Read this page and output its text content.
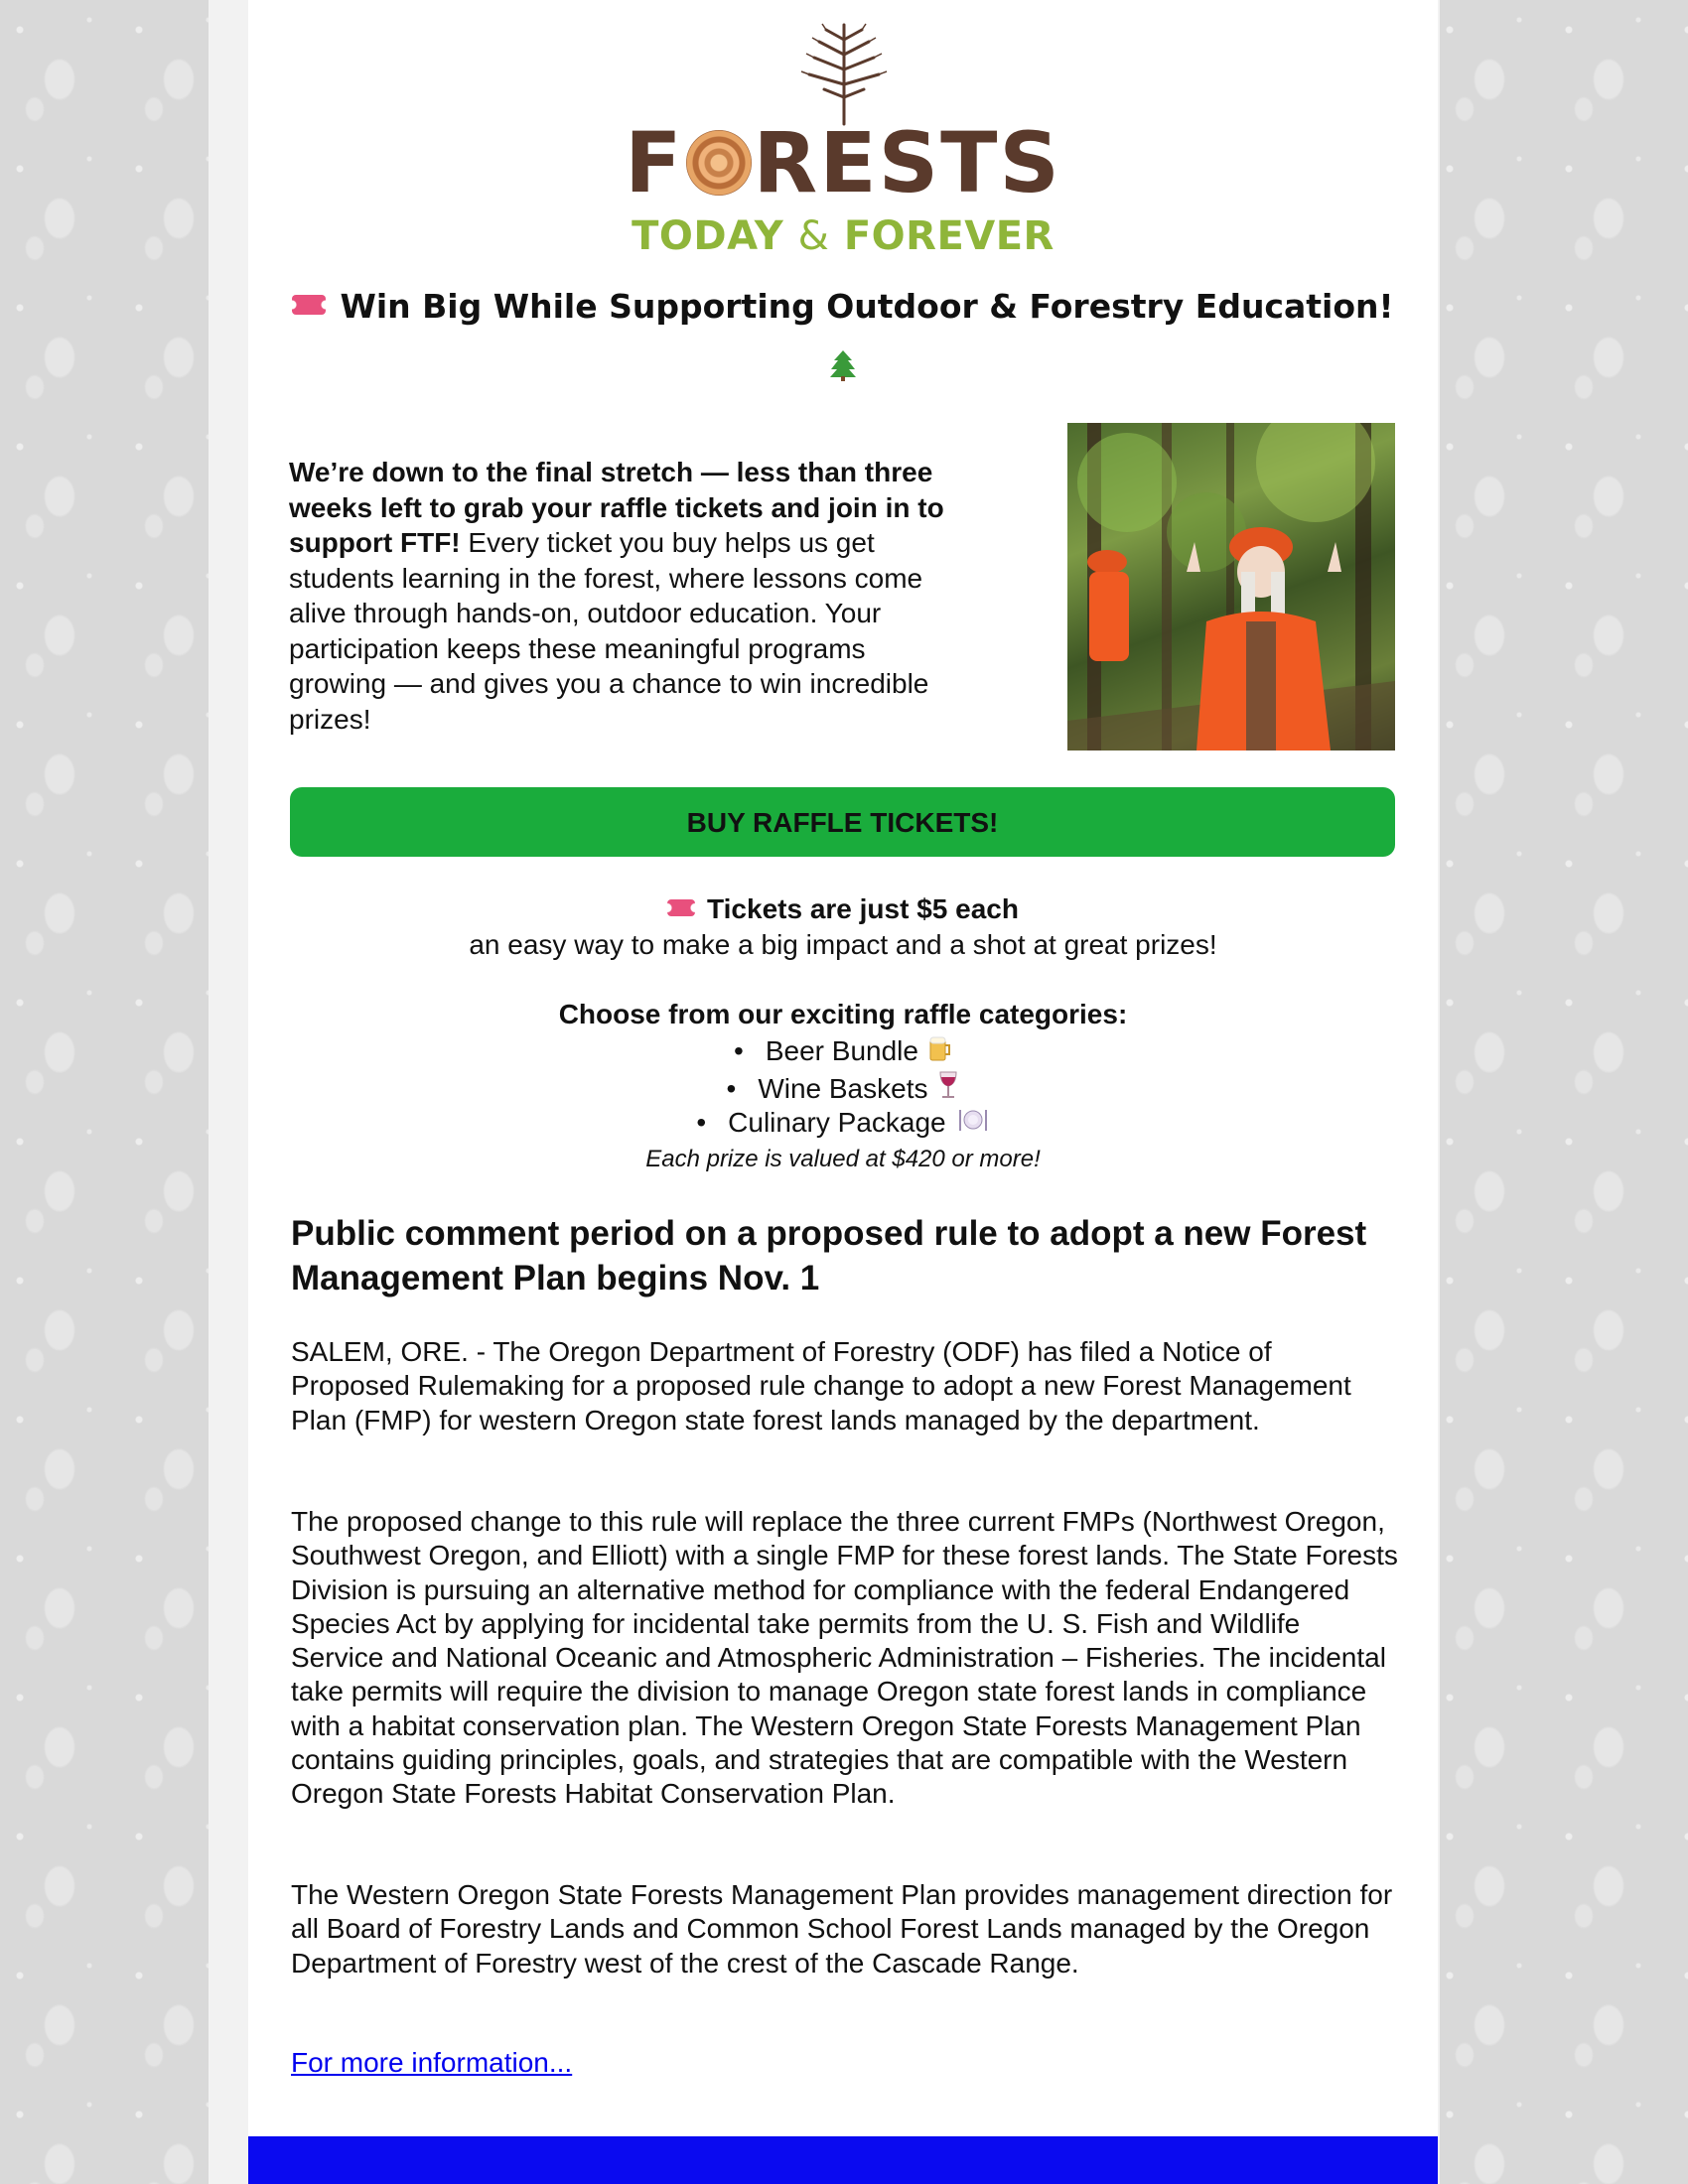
F RESTS
TODAY & FOREVER
Win Big While Supporting Outdoor & Forestry Education!
We’re down to the final stretch — less than three weeks left to grab your raffle tickets and join in to support FTF! Every ticket you buy helps us get students learning in the forest, where lessons come alive through hands-on, outdoor education. Your participation keeps these meaningful programs growing — and gives you a chance to win incredible prizes!
BUY RAFFLE TICKETS!
Tickets are just $5 each
an easy way to make a big impact and a shot at great prizes!
Choose from our exciting raffle categories:
• Beer Bundle
• Wine Baskets
• Culinary Package
Each prize is valued at $420 or more!
Public comment period on a proposed rule to adopt a new Forest Management Plan begins Nov. 1
SALEM, ORE. - The Oregon Department of Forestry (ODF) has filed a Notice of Proposed Rulemaking for a proposed rule change to adopt a new Forest Management Plan (FMP) for western Oregon state forest lands managed by the department.
The proposed change to this rule will replace the three current FMPs (Northwest Oregon, Southwest Oregon, and Elliott) with a single FMP for these forest lands. The State Forests Division is pursuing an alternative method for compliance with the federal Endangered Species Act by applying for incidental take permits from the U. S. Fish and Wildlife Service and National Oceanic and Atmospheric Administration – Fisheries. The incidental take permits will require the division to manage Oregon state forest lands in compliance with a habitat conservation plan. The Western Oregon State Forests Management Plan contains guiding principles, goals, and strategies that are compatible with the Western Oregon State Forests Habitat Conservation Plan.
The Western Oregon State Forests Management Plan provides management direction for all Board of Forestry Lands and Common School Forest Lands managed by the Oregon Department of Forestry west of the crest of the Cascade Range.
For more information...
